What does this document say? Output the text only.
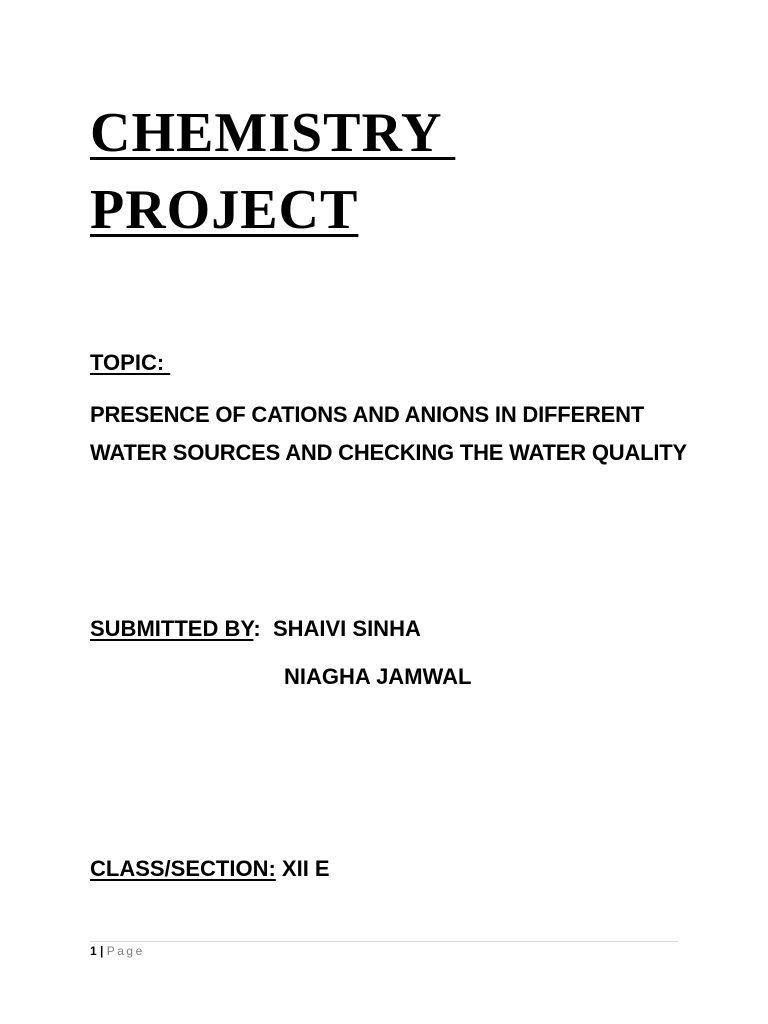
CHEMISTRY
PROJECT
TOPIC:
PRESENCE OF CATIONS AND ANIONS IN DIFFERENT WATER SOURCES AND CHECKING THE WATER QUALITY
SUBMITTED BY:  SHAIVI SINHA
NIAGHA JAMWAL
CLASS/SECTION: XII E
1 | Page
